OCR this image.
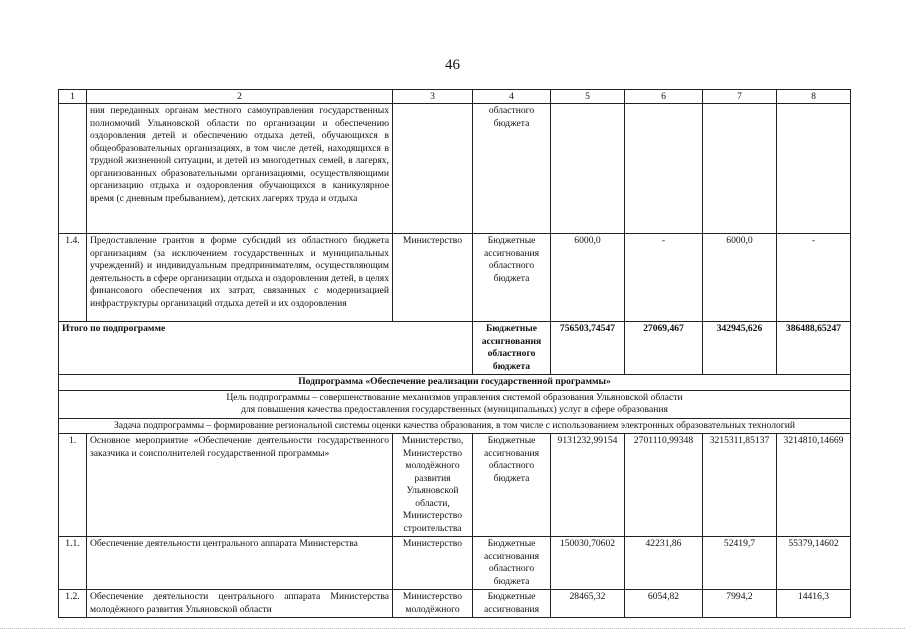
46
1	2	3	4	5	6	7	8
	ния переданных органам местного самоуправления государственных полномочий Ульяновской области по организации и обеспечению оздоровления детей и обеспечению отдыха детей, обучающихся в общеобразовательных организациях, в том числе детей, находящихся в трудной жизненной ситуации, и детей из многодетных семей, в лагерях, организованных образовательными организациями, осуществляющими организацию отдыха и оздоровления обучающихся в каникулярное время (с дневным пребыванием), детских лагерях труда и отдыха		областного бюджета				
1.4.	Предоставление грантов в форме субсидий из областного бюджета организациям (за исключением государственных и муниципальных учреждений) и индивидуальным предпринимателям, осуществляющим деятельность в сфере организации отдыха и оздоровления детей, в целях финансового обеспечения их затрат, связанных с модернизацией инфраструктуры организаций отдыха детей и их оздоровления	Министерство	Бюджетные ассигнования областного бюджета	6000,0	-	6000,0	-
Итого по подпрограмме			Бюджетные ассигнования областного бюджета	756503,74547	27069,467	342945,626	386488,65247
Подпрограмма «Обеспечение реализации государственной программы»							

Цель подпрограммы – совершенствование механизмов управления системой образования Ульяновской области
для повышения качества предоставления государственных (муниципальных) услуг в сфере образования							

Задача подпрограммы – формирование региональной системы оценки качества образования, в том числе с использованием электронных образовательных технологий							
1.	Основное мероприятие «Обеспечение деятельности государственного заказчика и соисполнителей государственной программы»	Министерство, Министерство молодёжного развития Ульяновской области, Министерство строительства	Бюджетные ассигнования областного бюджета	9131232,99154	2701110,99348	3215311,85137	3214810,14669
1.1.	Обеспечение деятельности центрального аппарата Министерства	Министерство	Бюджетные ассигнования областного бюджета	150030,70602	42231,86	52419,7	55379,14602
1.2.	Обеспечение деятельности центрального аппарата Министерства молодёжного развития Ульяновской области	Министерство молодёжного	Бюджетные ассигнования	28465,32	6054,82	7994,2	14416,3
